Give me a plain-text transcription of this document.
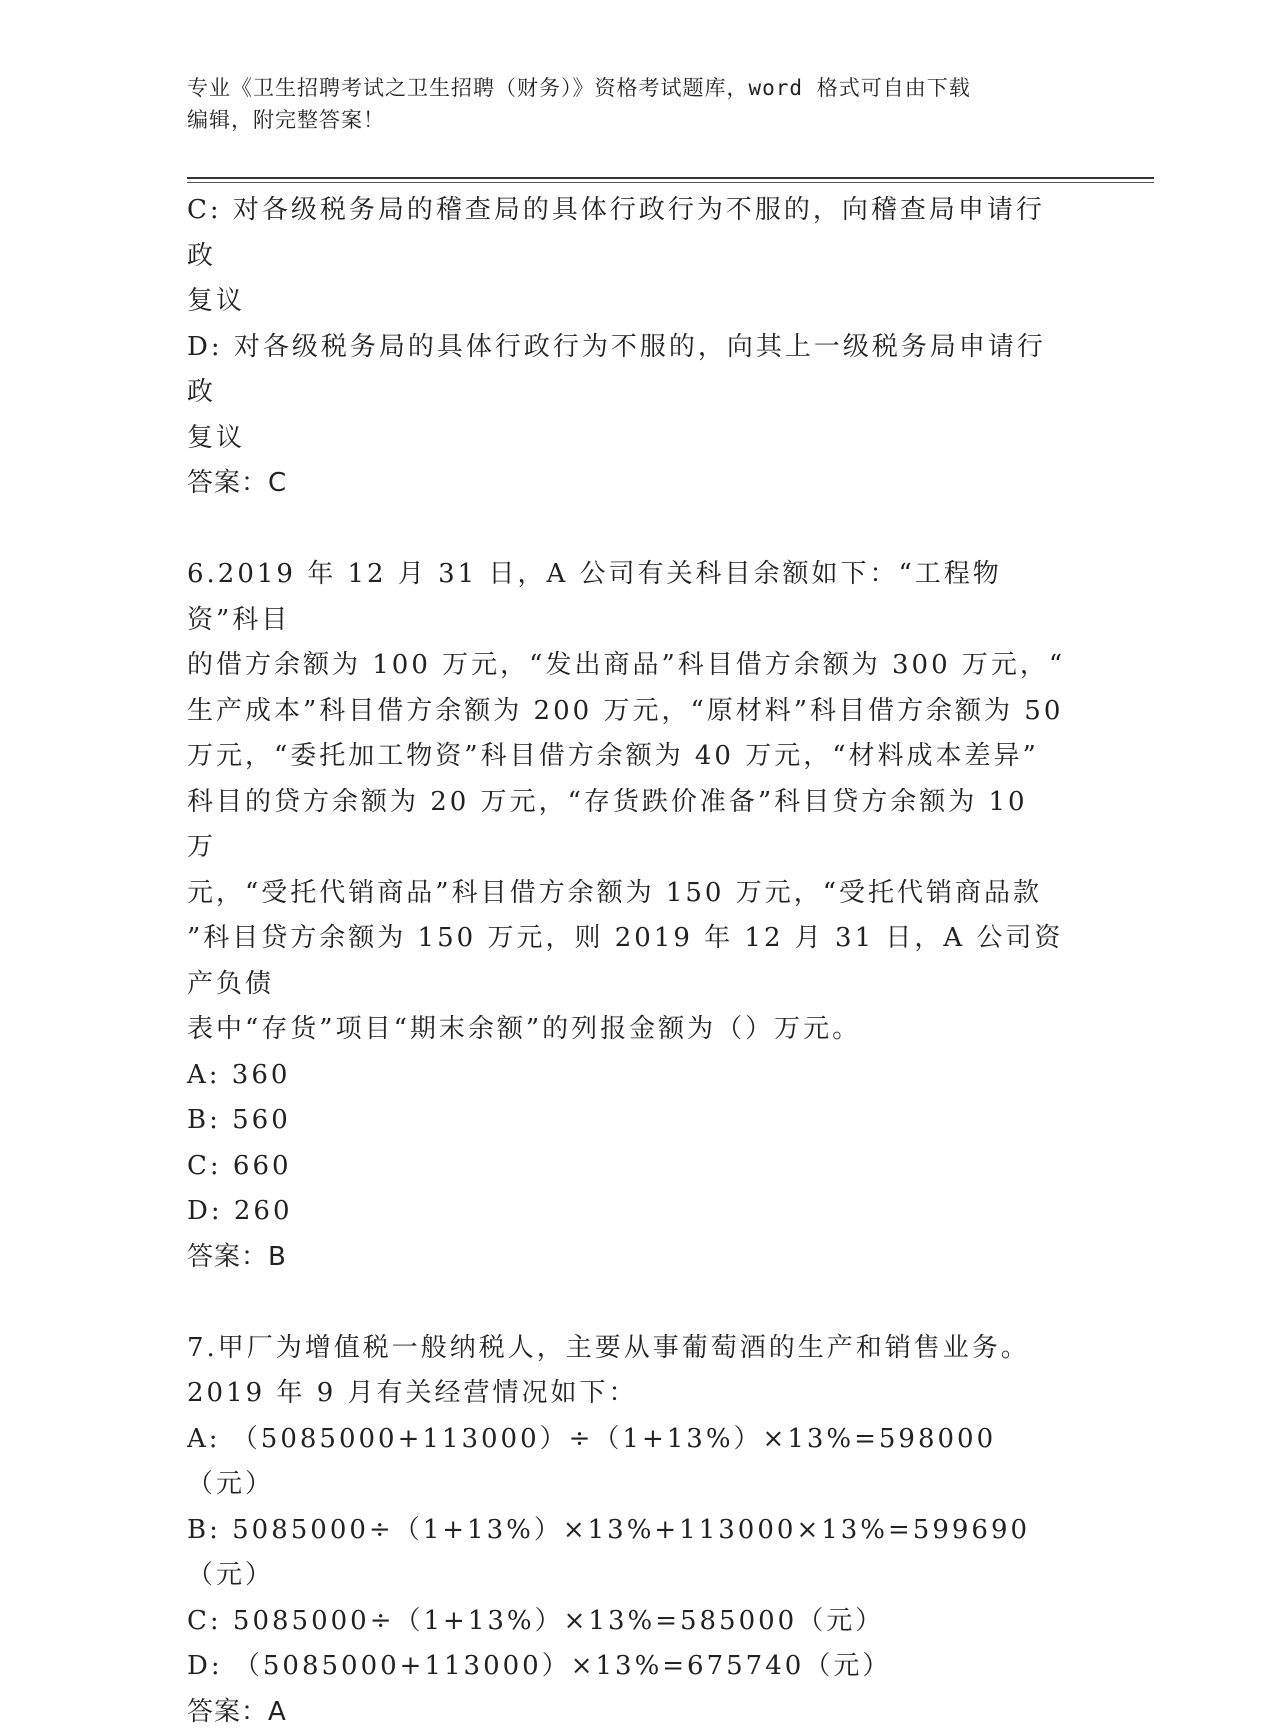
专业《卫生招聘考试之卫生招聘（财务）》资格考试题库，word 格式可自由下载
编辑，附完整答案！

C: 对各级税务局的稽查局的具体行政行为不服的，向稽查局申请行政

复议

D: 对各级税务局的具体行政行为不服的，向其上一级税务局申请行政

复议

答案：C

6.2019 年 12 月 31 日，A 公司有关科目余额如下：“工程物资”科目

的借方余额为 100 万元，“发出商品”科目借方余额为 300 万元，“

生产成本”科目借方余额为 200 万元，“原材料”科目借方余额为 50

万元，“委托加工物资”科目借方余额为 40 万元，“材料成本差异”

科目的贷方余额为 20 万元，“存货跌价准备”科目贷方余额为 10 万

元，“受托代销商品”科目借方余额为 150 万元，“受托代销商品款

”科目贷方余额为 150 万元，则 2019 年 12 月 31 日，A 公司资产负债

表中“存货”项目“期末余额”的列报金额为（）万元。

A: 360

B: 560

C: 660

D: 260

答案：B

7.甲厂为增值税一般纳税人，主要从事葡萄酒的生产和销售业务。

2019 年 9 月有关经营情况如下：

A: （5085000+113000）÷（1+13%）×13%=598000（元）

B: 5085000÷（1+13%）×13%+113000×13%=599690（元）

C: 5085000÷（1+13%）×13%=585000（元）

D: （5085000+113000）×13%=675740（元）

答案：A
